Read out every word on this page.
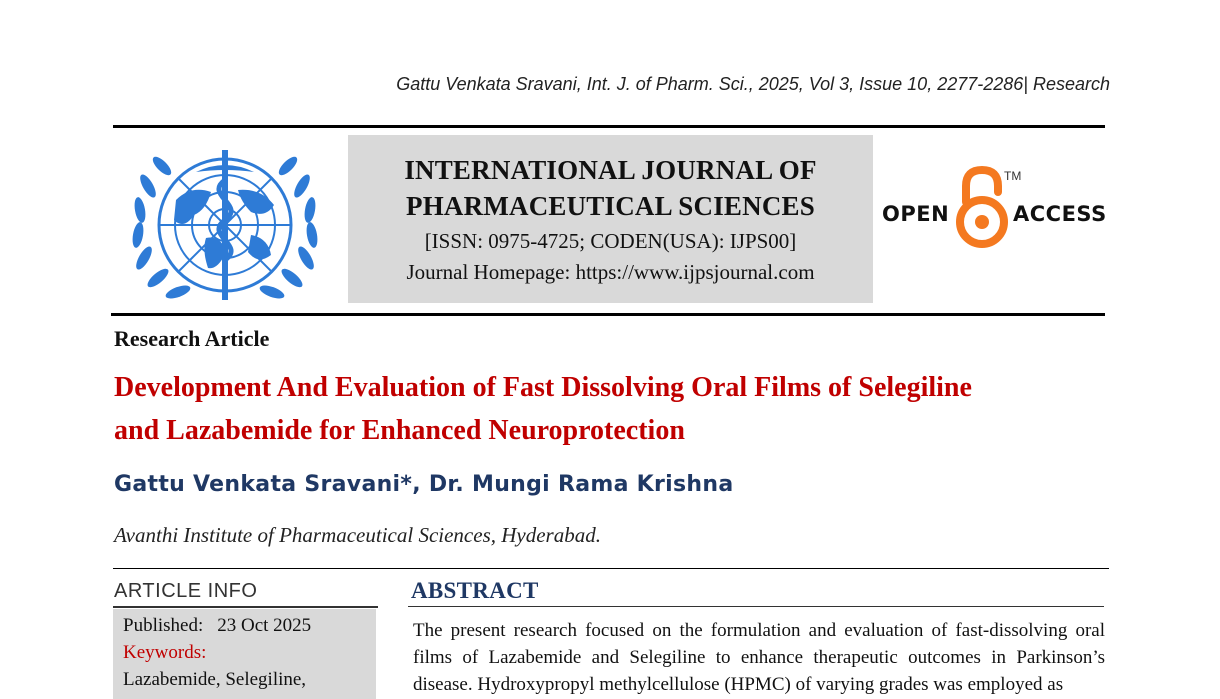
Gattu Venkata Sravani, Int. J. of Pharm. Sci., 2025, Vol 3, Issue 10, 2277-2286| Research
INTERNATIONAL JOURNAL OF
PHARMACEUTICAL SCIENCES
[ISSN: 0975-4725; CODEN(USA): IJPS00]
Journal Homepage: https://www.ijpsjournal.com
OPEN
TM
ACCESS
Research Article
Development And Evaluation of Fast Dissolving Oral Films of Selegiline
and Lazabemide for Enhanced Neuroprotection
Gattu Venkata Sravani*, Dr. Mungi Rama Krishna
Avanthi Institute of Pharmaceutical Sciences, Hyderabad.
ARTICLE INFO
Published: 23 Oct 2025
Keywords:
Lazabemide, Selegiline,
ABSTRACT
The present research focused on the formulation and evaluation of fast-dissolving oral films of Lazabemide and Selegiline to enhance therapeutic outcomes in Parkinson’s disease. Hydroxypropyl methylcellulose (HPMC) of varying grades was employed as
